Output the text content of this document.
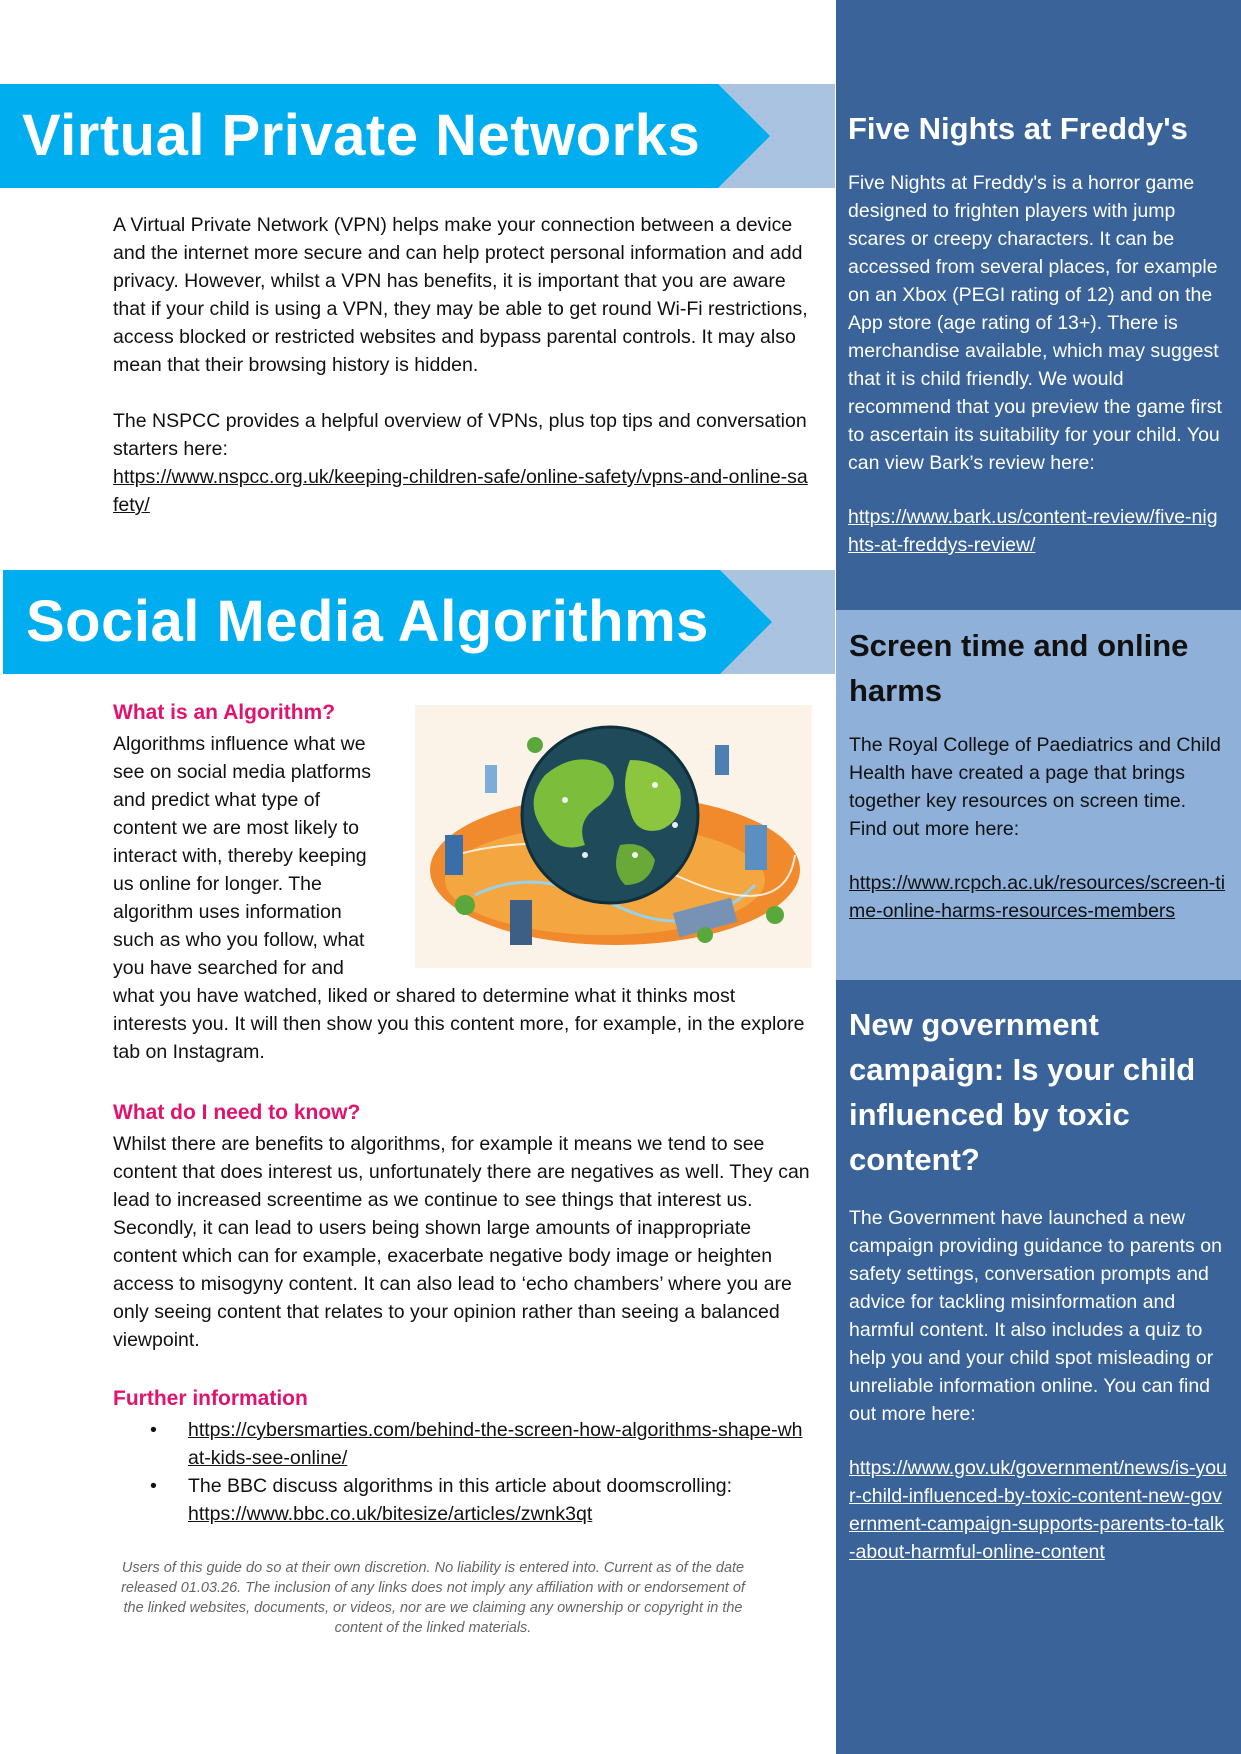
Virtual Private Networks

A Virtual Private Network (VPN) helps make your connection between a device and the internet more secure and can help protect personal information and add privacy. However, whilst a VPN has benefits, it is important that you are aware that if your child is using a VPN, they may be able to get round Wi-Fi restrictions, access blocked or restricted websites and bypass parental controls. It may also mean that their browsing history is hidden.

The NSPCC provides a helpful overview of VPNs, plus top tips and conversation starters here:

https://www.nspcc.org.uk/keeping-children-safe/online-safety/vpns-and-online-safety/

Social Media Algorithms
What is an Algorithm?
Algorithms influence what we
see on social media platforms
and predict what type of
content we are most likely to
interact with, thereby keeping
us online for longer. The
algorithm uses information
such as who you follow, what
you have searched for and
what you have watched, liked or shared to determine what it thinks most interests you. It will then show you this content more, for example, in the explore tab on Instagram.
What do I need to know?
Whilst there are benefits to algorithms, for example it means we tend to see content that does interest us, unfortunately there are negatives as well. They can lead to increased screentime as we continue to see things that interest us. Secondly, it can lead to users being shown large amounts of inappropriate content which can for example, exacerbate negative body image or heighten access to misogyny content. It can also lead to ‘echo chambers’ where you are only seeing content that relates to your opinion rather than seeing a balanced viewpoint.
Further information
• https://cybersmarties.com/behind-the-screen-how-algorithms-shape-what-kids-see-online/
• The BBC discuss algorithms in this article about doomscrolling:
https://www.bbc.co.uk/bitesize/articles/zwnk3qt
Users of this guide do so at their own discretion. No liability is entered into. Current as of the date released 01.03.26. The inclusion of any links does not imply any affiliation with or endorsement of the linked websites, documents, or videos, nor are we claiming any ownership or copyright in the content of the linked materials.

Five Nights at Freddy's

Five Nights at Freddy's is a horror game designed to frighten players with jump scares or creepy characters. It can be accessed from several places, for example on an Xbox (PEGI rating of 12) and on the App store (age rating of 13+). There is merchandise available, which may suggest that it is child friendly. We would recommend that you preview the game first to ascertain its suitability for your child. You can view Bark’s review here:

https://www.bark.us/content-review/five-nights-at-freddys-review/

Screen time and online harms

The Royal College of Paediatrics and Child Health have created a page that brings together key resources on screen time. Find out more here:

https://www.rcpch.ac.uk/resources/screen-time-online-harms-resources-members

New government campaign: Is your child influenced by toxic content?

The Government have launched a new campaign providing guidance to parents on safety settings, conversation prompts and advice for tackling misinformation and harmful content. It also includes a quiz to help you and your child spot misleading or unreliable information online. You can find out more here:

https://www.gov.uk/government/news/is-your-child-influenced-by-toxic-content-new-government-campaign-supports-parents-to-talk-about-harmful-online-content
